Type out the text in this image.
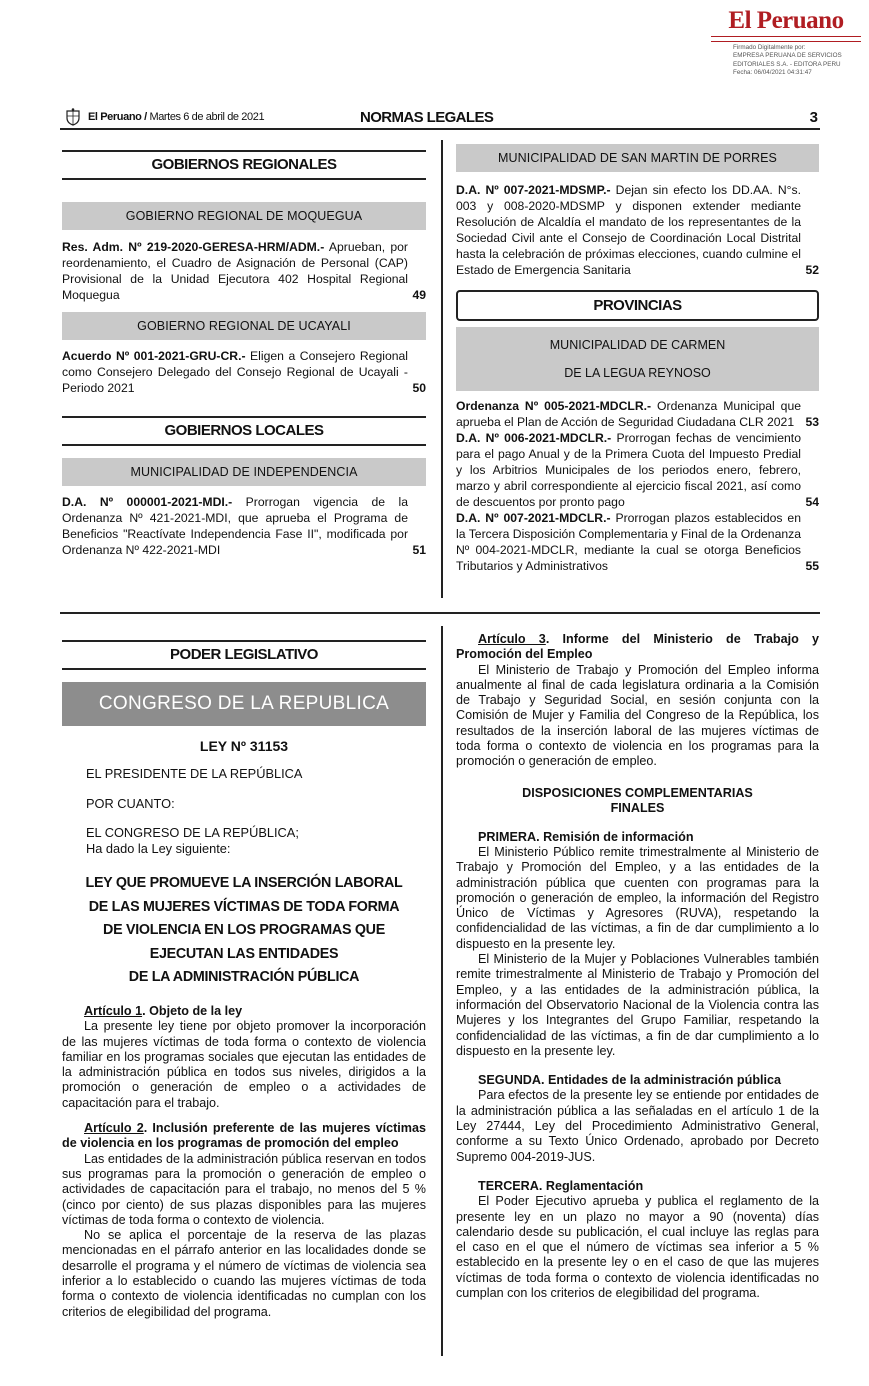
El Peruano
Firmado Digitalmente por:
EMPRESA PERUANA DE SERVICIOS
EDITORIALES S.A. - EDITORA PERU
Fecha: 06/04/2021 04:31:47
El Peruano / Martes 6 de abril de 2021	NORMAS LEGALES	3
GOBIERNOS REGIONALES
GOBIERNO REGIONAL DE MOQUEGUA
Res. Adm. Nº 219-2020-GERESA-HRM/ADM.- Aprueban, por reordenamiento, el Cuadro de Asignación de Personal (CAP) Provisional de la Unidad Ejecutora 402 Hospital Regional Moquegua	49
GOBIERNO REGIONAL DE UCAYALI
Acuerdo Nº 001-2021-GRU-CR.- Eligen a Consejero Regional como Consejero Delegado del Consejo Regional de Ucayali - Periodo 2021	50
GOBIERNOS LOCALES
MUNICIPALIDAD DE INDEPENDENCIA
D.A. Nº 000001-2021-MDI.- Prorrogan vigencia de la Ordenanza Nº 421-2021-MDI, que aprueba el Programa de Beneficios "Reactívate Independencia Fase II", modificada por Ordenanza Nº 422-2021-MDI	51
MUNICIPALIDAD DE SAN MARTIN DE PORRES
D.A. Nº 007-2021-MDSMP.- Dejan sin efecto los DD.AA. N°s. 003 y 008-2020-MDSMP y disponen extender mediante Resolución de Alcaldía el mandato de los representantes de la Sociedad Civil ante el Consejo de Coordinación Local Distrital hasta la celebración de próximas elecciones, cuando culmine el Estado de Emergencia Sanitaria	52
PROVINCIAS
MUNICIPALIDAD DE CARMEN
DE LA LEGUA REYNOSO
Ordenanza Nº 005-2021-MDCLR.- Ordenanza Municipal que aprueba el Plan de Acción de Seguridad Ciudadana CLR 2021 53
D.A. Nº 006-2021-MDCLR.- Prorrogan fechas de vencimiento para el pago Anual y de la Primera Cuota del Impuesto Predial y los Arbitrios Municipales de los periodos enero, febrero, marzo y abril correspondiente al ejercicio fiscal 2021, así como de descuentos por pronto pago	54
D.A. Nº 007-2021-MDCLR.- Prorrogan plazos establecidos en la Tercera Disposición Complementaria y Final de la Ordenanza Nº 004-2021-MDCLR, mediante la cual se otorga Beneficios Tributarios y Administrativos	55
PODER LEGISLATIVO
CONGRESO DE LA REPUBLICA
LEY Nº 31153
EL PRESIDENTE DE LA REPÚBLICA
POR CUANTO:
EL CONGRESO DE LA REPÚBLICA;
Ha dado la Ley siguiente:
LEY QUE PROMUEVE LA INSERCIÓN LABORAL
DE LAS MUJERES VÍCTIMAS DE TODA FORMA
DE VIOLENCIA EN LOS PROGRAMAS QUE
EJECUTAN LAS ENTIDADES
DE LA ADMINISTRACIÓN PÚBLICA

Artículo 1. Objeto de la ley

La presente ley tiene por objeto promover la incorporación de las mujeres víctimas de toda forma o contexto de violencia familiar en los programas sociales que ejecutan las entidades de la administración pública en todos sus niveles, dirigidos a la promoción o generación de empleo o a actividades de capacitación para el trabajo.

Artículo 2. Inclusión preferente de las mujeres víctimas de violencia en los programas de promoción del empleo

Las entidades de la administración pública reservan en todos sus programas para la promoción o generación de empleo o actividades de capacitación para el trabajo, no menos del 5 % (cinco por ciento) de sus plazas disponibles para las mujeres víctimas de toda forma o contexto de violencia.

No se aplica el porcentaje de la reserva de las plazas mencionadas en el párrafo anterior en las localidades donde se desarrolle el programa y el número de víctimas de violencia sea inferior a lo establecido o cuando las mujeres víctimas de toda forma o contexto de violencia identificadas no cumplan con los criterios de elegibilidad del programa.

Artículo 3. Informe del Ministerio de Trabajo y Promoción del Empleo

El Ministerio de Trabajo y Promoción del Empleo informa anualmente al final de cada legislatura ordinaria a la Comisión de Trabajo y Seguridad Social, en sesión conjunta con la Comisión de Mujer y Familia del Congreso de la República, los resultados de la inserción laboral de las mujeres víctimas de toda forma o contexto de violencia en los programas para la promoción o generación de empleo.

DISPOSICIONES COMPLEMENTARIAS
FINALES

PRIMERA. Remisión de información

El Ministerio Público remite trimestralmente al Ministerio de Trabajo y Promoción del Empleo, y a las entidades de la administración pública que cuenten con programas para la promoción o generación de empleo, la información del Registro Único de Víctimas y Agresores (RUVA), respetando la confidencialidad de las víctimas, a fin de dar cumplimiento a lo dispuesto en la presente ley.

El Ministerio de la Mujer y Poblaciones Vulnerables también remite trimestralmente al Ministerio de Trabajo y Promoción del Empleo, y a las entidades de la administración pública, la información del Observatorio Nacional de la Violencia contra las Mujeres y los Integrantes del Grupo Familiar, respetando la confidencialidad de las víctimas, a fin de dar cumplimiento a lo dispuesto en la presente ley.

SEGUNDA. Entidades de la administración pública

Para efectos de la presente ley se entiende por entidades de la administración pública a las señaladas en el artículo 1 de la Ley 27444, Ley del Procedimiento Administrativo General, conforme a su Texto Único Ordenado, aprobado por Decreto Supremo 004-2019-JUS.

TERCERA. Reglamentación

El Poder Ejecutivo aprueba y publica el reglamento de la presente ley en un plazo no mayor a 90 (noventa) días calendario desde su publicación, el cual incluye las reglas para el caso en el que el número de víctimas sea inferior a 5 % establecido en la presente ley o en el caso de que las mujeres víctimas de toda forma o contexto de violencia identificadas no cumplan con los criterios de elegibilidad del programa.
